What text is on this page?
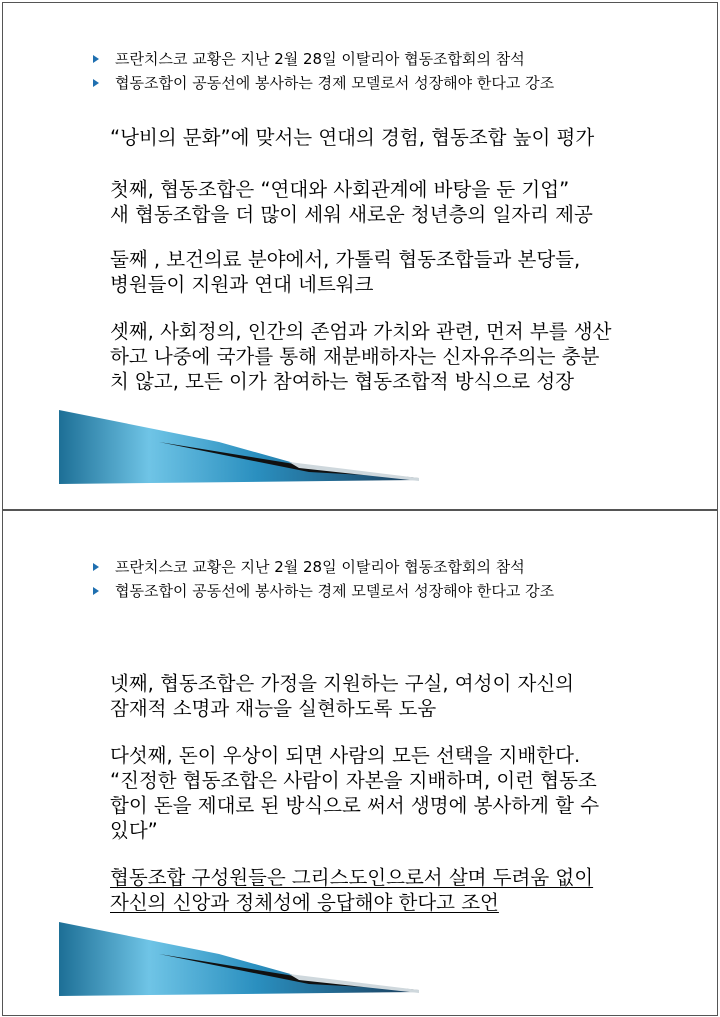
프란치스코 교황은 지난 2월 28일 이탈리아 협동조합회의 참석
협동조합이 공동선에 봉사하는 경제 모델로서 성장해야 한다고 강조

“낭비의 문화”에 맞서는 연대의 경험, 협동조합 높이 평가

첫째, 협동조합은 “연대와 사회관계에 바탕을 둔 기업”
새 협동조합을 더 많이 세워 새로운 청년층의 일자리 제공

둘째 , 보건의료 분야에서, 가톨릭 협동조합들과 본당들,
병원들이 지원과 연대 네트워크

셋째, 사회정의, 인간의 존엄과 가치와 관련, 먼저 부를 생산
하고 나중에 국가를 통해 재분배하자는 신자유주의는 충분
치 않고, 모든 이가 참여하는 협동조합적 방식으로 성장

프란치스코 교황은 지난 2월 28일 이탈리아 협동조합회의 참석
협동조합이 공동선에 봉사하는 경제 모델로서 성장해야 한다고 강조

넷째, 협동조합은 가정을 지원하는 구실, 여성이 자신의
잠재적 소명과 재능을 실현하도록 도움

다섯째, 돈이 우상이 되면 사람의 모든 선택을 지배한다.
“진정한 협동조합은 사람이 자본을 지배하며, 이런 협동조
합이 돈을 제대로 된 방식으로 써서 생명에 봉사하게 할 수
있다”

협동조합 구성원들은 그리스도인으로서 살며 두려움 없이
자신의 신앙과 정체성에 응답해야 한다고 조언
